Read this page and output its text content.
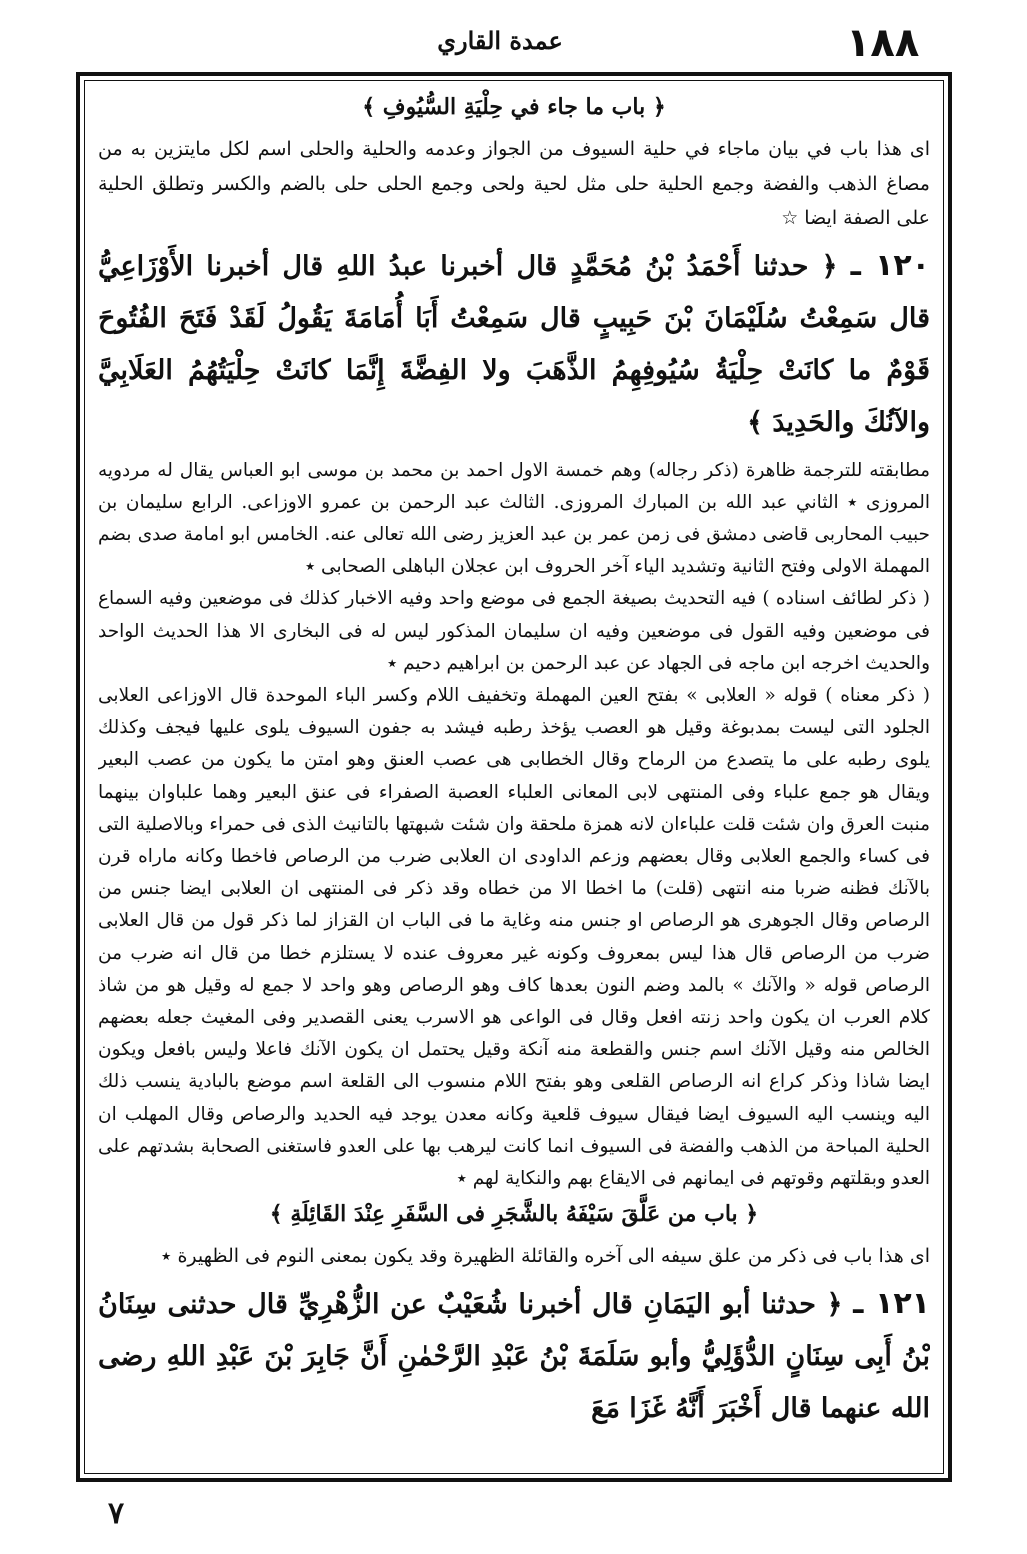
عمدة القاري	١٨٨
﴿ باب ما جاء في حِلْيَةِ السُّيُوفِ ﴾

اى هذا باب في بيان ماجاء في حلية السيوف من الجواز وعدمه والحلية والحلى اسم لكل مايتزين به من مصاغ الذهب والفضة وجمع الحلية حلى مثل لحية ولحى وجمع الحلى حلى بالضم والكسر وتطلق الحلية على الصفة ايضا ☆

١٢٠ ـ ﴿ حدثنا أَحْمَدُ بْنُ مُحَمَّدٍ قال أخبرنا عبدُ اللهِ قال أخبرنا الأَوْزَاعِيُّ قال سَمِعْتُ سُلَيْمَانَ بْنَ حَبِيبٍ قال سَمِعْتُ أَبَا أُمَامَةَ يَقُولُ لَقَدْ فَتَحَ الفُتُوحَ قَوْمٌ ما كانَتْ حِلْيَةُ سُيُوفِهِمُ الذَّهَبَ ولا الفِضَّةَ إِنَّمَا كانَتْ حِلْيَتُهُمُ العَلَابِيَّ والآنُكَ والحَدِيدَ ﴾

مطابقته للترجمة ظاهرة (ذكر رجاله) وهم خمسة الاول احمد بن محمد بن موسى ابو العباس يقال له مردويه المروزى ٭ الثاني عبد الله بن المبارك المروزى. الثالث عبد الرحمن بن عمرو الاوزاعى. الرابع سليمان بن حبيب المحاربى قاضى دمشق فى زمن عمر بن عبد العزيز رضى الله تعالى عنه. الخامس ابو امامة صدى بضم المهملة الاولى وفتح الثانية وتشديد الياء آخر الحروف ابن عجلان الباهلى الصحابى ٭

( ذكر لطائف اسناده ) فيه التحديث بصيغة الجمع فى موضع واحد وفيه الاخبار كذلك فى موضعين وفيه السماع فى موضعين وفيه القول فى موضعين وفيه ان سليمان المذكور ليس له فى البخارى الا هذا الحديث الواحد والحديث اخرجه ابن ماجه فى الجهاد عن عبد الرحمن بن ابراهيم دحيم ٭

( ذكر معناه ) قوله « العلابى » بفتح العين المهملة وتخفيف اللام وكسر الباء الموحدة قال الاوزاعى العلابى الجلود التى ليست بمدبوغة وقيل هو العصب يؤخذ رطبه فيشد به جفون السيوف يلوى عليها فيجف وكذلك يلوى رطبه على ما يتصدع من الرماح وقال الخطابى هى عصب العنق وهو امتن ما يكون من عصب البعير ويقال هو جمع علباء وفى المنتهى لابى المعانى العلباء العصبة الصفراء فى عنق البعير وهما علباوان بينهما منبت العرق وان شئت قلت علباءان لانه همزة ملحقة وان شئت شبهتها بالتانيث الذى فى حمراء وبالاصلية التى فى كساء والجمع العلابى وقال بعضهم وزعم الداودى ان العلابى ضرب من الرصاص فاخطا وكانه ماراه قرن بالآنك فظنه ضربا منه انتهى (قلت) ما اخطا الا من خطاه وقد ذكر فى المنتهى ان العلابى ايضا جنس من الرصاص وقال الجوهرى هو الرصاص او جنس منه وغاية ما فى الباب ان القزاز لما ذكر قول من قال العلابى ضرب من الرصاص قال هذا ليس بمعروف وكونه غير معروف عنده لا يستلزم خطا من قال انه ضرب من الرصاص قوله « والآنك » بالمد وضم النون بعدها كاف وهو الرصاص وهو واحد لا جمع له وقيل هو من شاذ كلام العرب ان يكون واحد زنته افعل وقال فى الواعى هو الاسرب يعنى القصدير وفى المغيث جعله بعضهم الخالص منه وقيل الآنك اسم جنس والقطعة منه آنكة وقيل يحتمل ان يكون الآنك فاعلا وليس بافعل ويكون ايضا شاذا وذكر كراع انه الرصاص القلعى وهو بفتح اللام منسوب الى القلعة اسم موضع بالبادية ينسب ذلك اليه وينسب اليه السيوف ايضا فيقال سيوف قلعية وكانه معدن يوجد فيه الحديد والرصاص وقال المهلب ان الحلية المباحة من الذهب والفضة فى السيوف انما كانت ليرهب بها على العدو فاستغنى الصحابة بشدتهم على العدو وبقلتهم وقوتهم فى ايمانهم فى الايقاع بهم والنكاية لهم ٭

﴿ باب من عَلَّقَ سَيْفَهُ بالشَّجَرِ فى السَّفَرِ عِنْدَ القَائِلَةِ ﴾

اى هذا باب فى ذكر من علق سيفه الى آخره والقائلة الظهيرة وقد يكون بمعنى النوم فى الظهيرة ٭

١٢١ ـ ﴿ حدثنا أبو اليَمَانِ قال أخبرنا شُعَيْبٌ عن الزُّهْرِيِّ قال حدثنى سِنَانُ بْنُ أَبِى سِنَانٍ الدُّؤَلِيُّ وأبو سَلَمَةَ بْنُ عَبْدِ الرَّحْمٰنِ أَنَّ جَابِرَ بْنَ عَبْدِ اللهِ رضى الله عنهما قال أَخْبَرَ أَنَّهُ غَزَا مَعَ

٧
